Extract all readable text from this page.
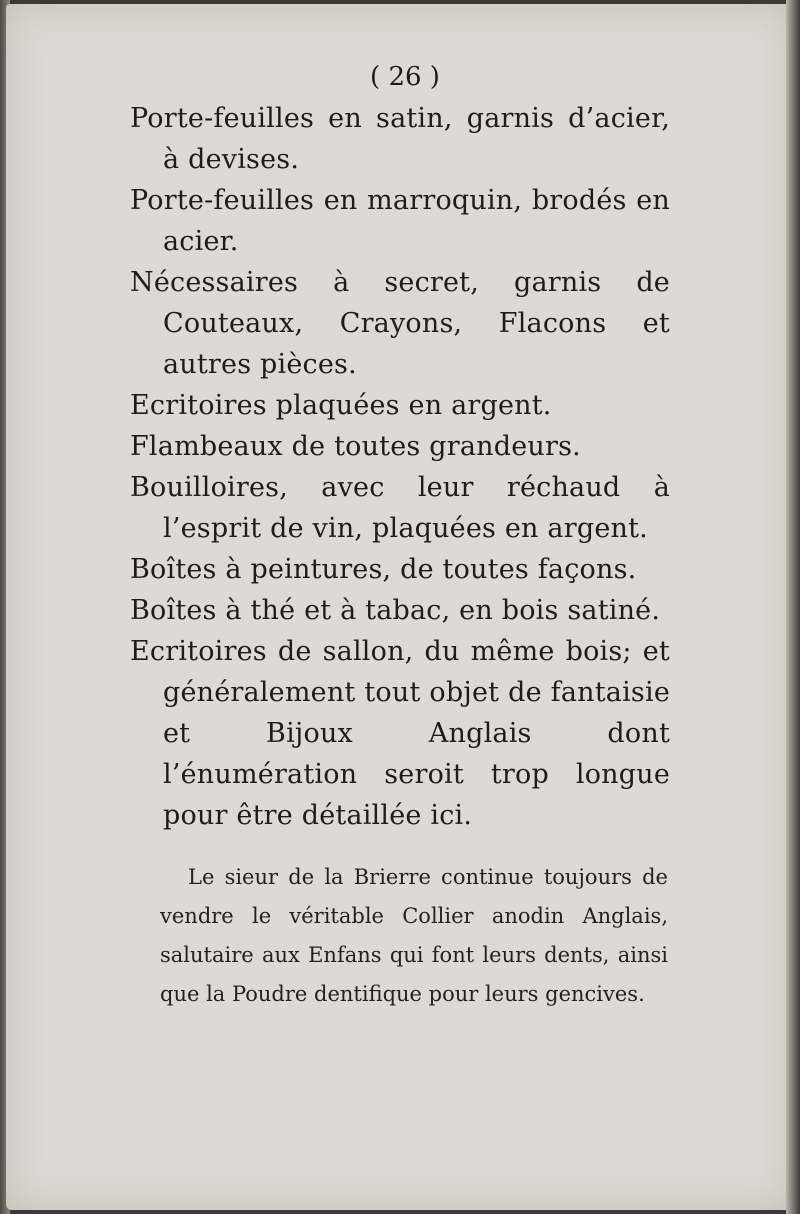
( 26 )
Porte-feuilles en satin, garnis d’acier, à devises.
Porte-feuilles en marroquin, brodés en acier.
Nécessaires à secret, garnis de Couteaux, Crayons, Flacons et autres pièces.
Ecritoires plaquées en argent.
Flambeaux de toutes grandeurs.
Bouilloires, avec leur réchaud à l’esprit de vin, plaquées en argent.
Boîtes à peintures, de toutes façons.
Boîtes à thé et à tabac, en bois satiné.
Ecritoires de sallon, du même bois; et généralement tout objet de fantaisie et Bijoux Anglais dont l’énumération seroit trop longue pour être détaillée ici.
Le sieur de la Brierre continue toujours de vendre le véritable Collier anodin Anglais, salutaire aux Enfans qui font leurs dents, ainsi que la Poudre dentifique pour leurs gencives.
